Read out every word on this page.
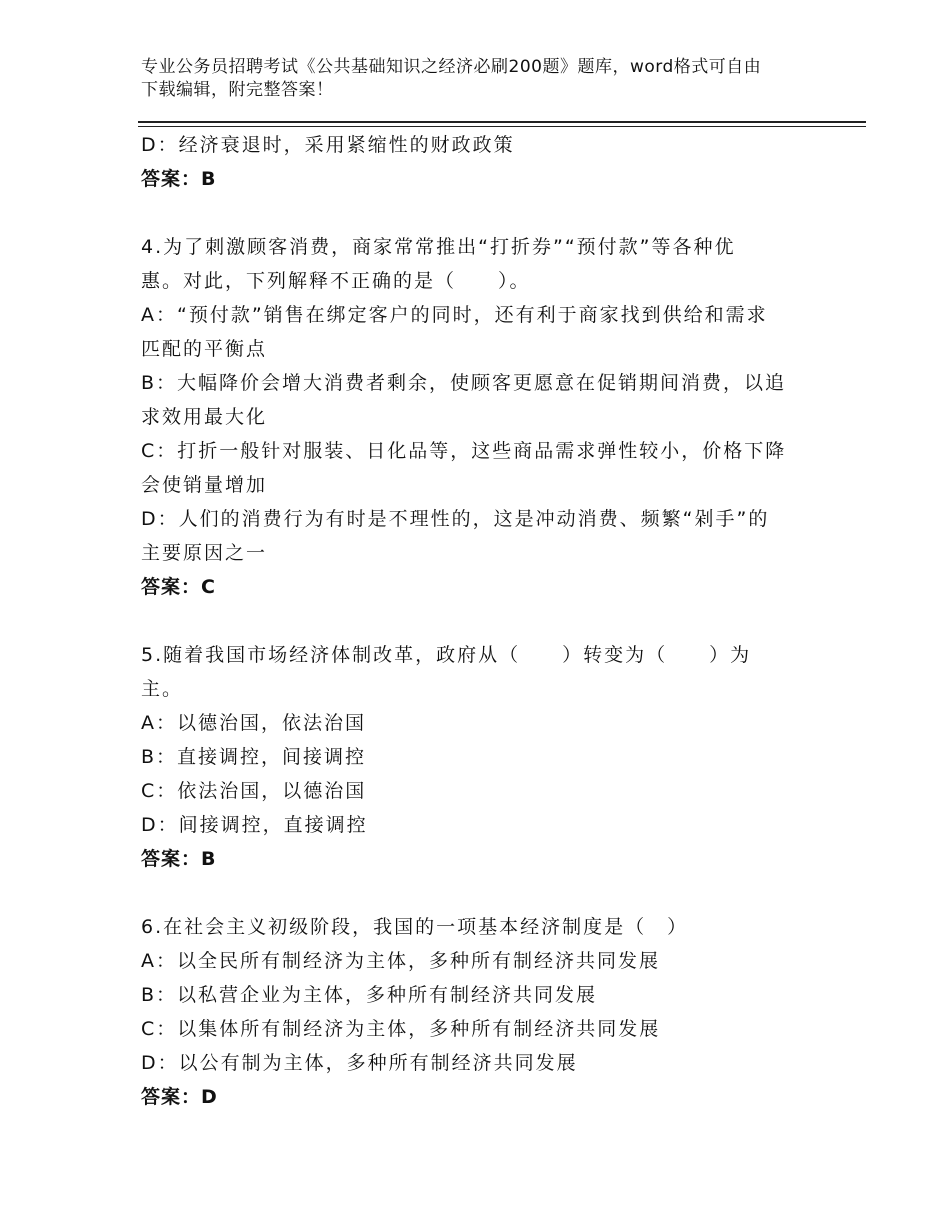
专业公务员招聘考试《公共基础知识之经济必刷200题》题库，word格式可自由
下载编辑，附完整答案！
D：经济衰退时，采用紧缩性的财政政策
答案：B
4.为了刺激顾客消费，商家常常推出“打折券”“预付款”等各种优
惠。对此，下列解释不正确的是（　　）。
A：“预付款”销售在绑定客户的同时，还有利于商家找到供给和需求
匹配的平衡点
B：大幅降价会增大消费者剩余，使顾客更愿意在促销期间消费，以追
求效用最大化
C：打折一般针对服装、日化品等，这些商品需求弹性较小，价格下降
会使销量增加
D：人们的消费行为有时是不理性的，这是冲动消费、频繁“剁手”的
主要原因之一
答案：C
5.随着我国市场经济体制改革，政府从（　　）转变为（　　）为
主。
A：以德治国，依法治国
B：直接调控，间接调控
C：依法治国，以德治国
D：间接调控，直接调控
答案：B
6.在社会主义初级阶段，我国的一项基本经济制度是（　）
A：以全民所有制经济为主体，多种所有制经济共同发展
B：以私营企业为主体，多种所有制经济共同发展
C：以集体所有制经济为主体，多种所有制经济共同发展
D：以公有制为主体，多种所有制经济共同发展
答案：D
